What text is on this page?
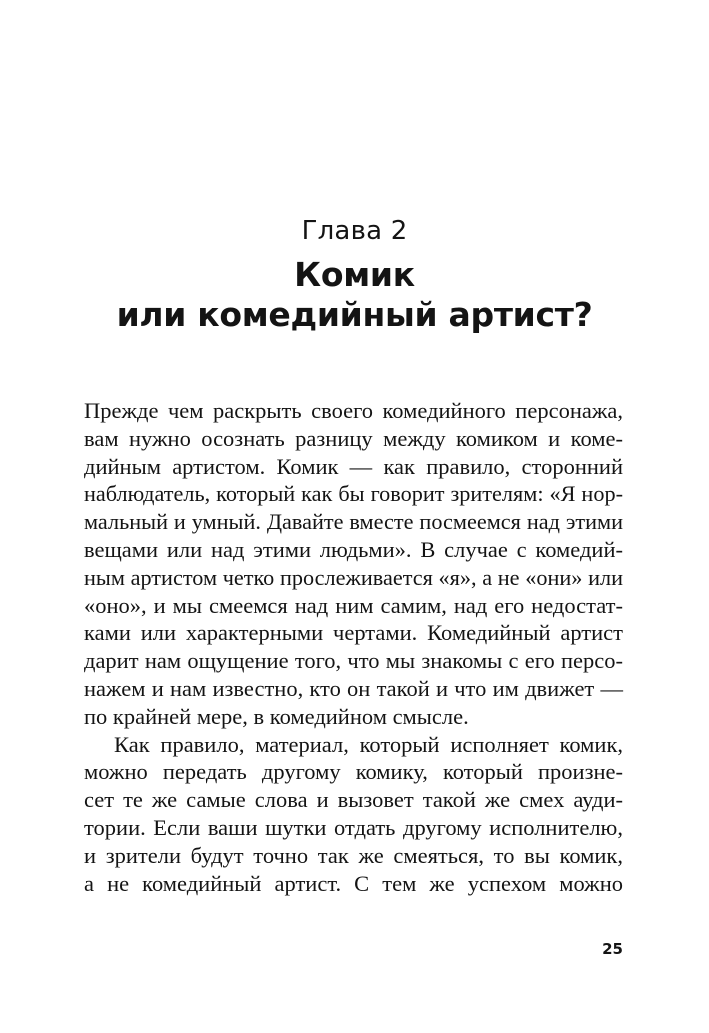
Глава 2
Комик
или комедийный артист?
Прежде чем раскрыть своего комедийного персонажа,
вам нужно осознать разницу между комиком и коме-
дийным артистом. Комик — как правило, сторонний
наблюдатель, который как бы говорит зрителям: «Я нор-
мальный и умный. Давайте вместе посмеемся над этими
вещами или над этими людьми». В случае с комедий-
ным артистом четко прослеживается «я», а не «они» или
«оно», и мы смеемся над ним самим, над его недостат-
ками или характерными чертами. Комедийный артист
дарит нам ощущение того, что мы знакомы с его персо-
нажем и нам известно, кто он такой и что им движет —
по крайней мере, в комедийном смысле.
Как правило, материал, который исполняет комик,
можно передать другому комику, который произне-
сет те же самые слова и вызовет такой же смех ауди-
тории. Если ваши шутки отдать другому исполнителю,
и зрители будут точно так же смеяться, то вы комик,
а не комедийный артист. С тем же успехом можно
25
